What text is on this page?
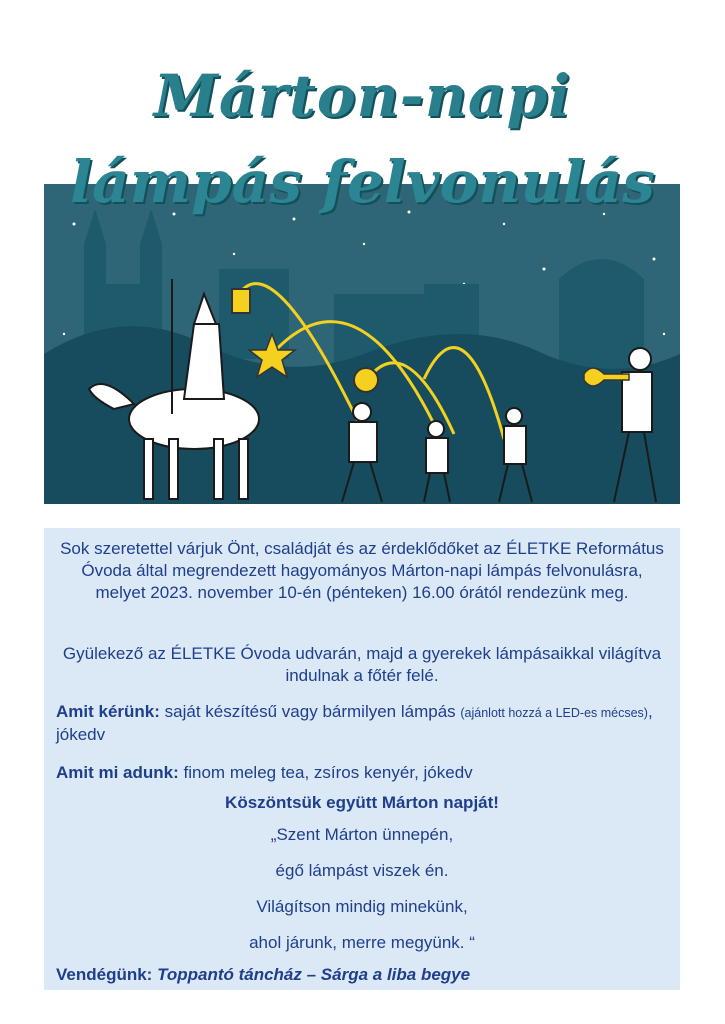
Márton-napi
lámpás felvonulás

Sok szeretettel várjuk Önt, családját és az érdeklődőket az ÉLETKE Református Óvoda által megrendezett hagyományos Márton-napi lámpás felvonulásra, melyet 2023. november 10-én (pénteken) 16.00 órától rendezünk meg.

Gyülekező az ÉLETKE Óvoda udvarán, majd a gyerekek lámpásaikkal világítva indulnak a főtér felé.

Amit kérünk: saját készítésű vagy bármilyen lámpás (ajánlott hozzá a LED-es mécses), jókedv
Amit mi adunk: finom meleg tea, zsíros kenyér, jókedv
Köszöntsük együtt Márton napját!
„Szent Márton ünnepén,
égő lámpást viszek én.
Világítson mindig minekünk,
ahol járunk, merre megyünk. “
Vendégünk: Toppantó táncház – Sárga a liba begye
